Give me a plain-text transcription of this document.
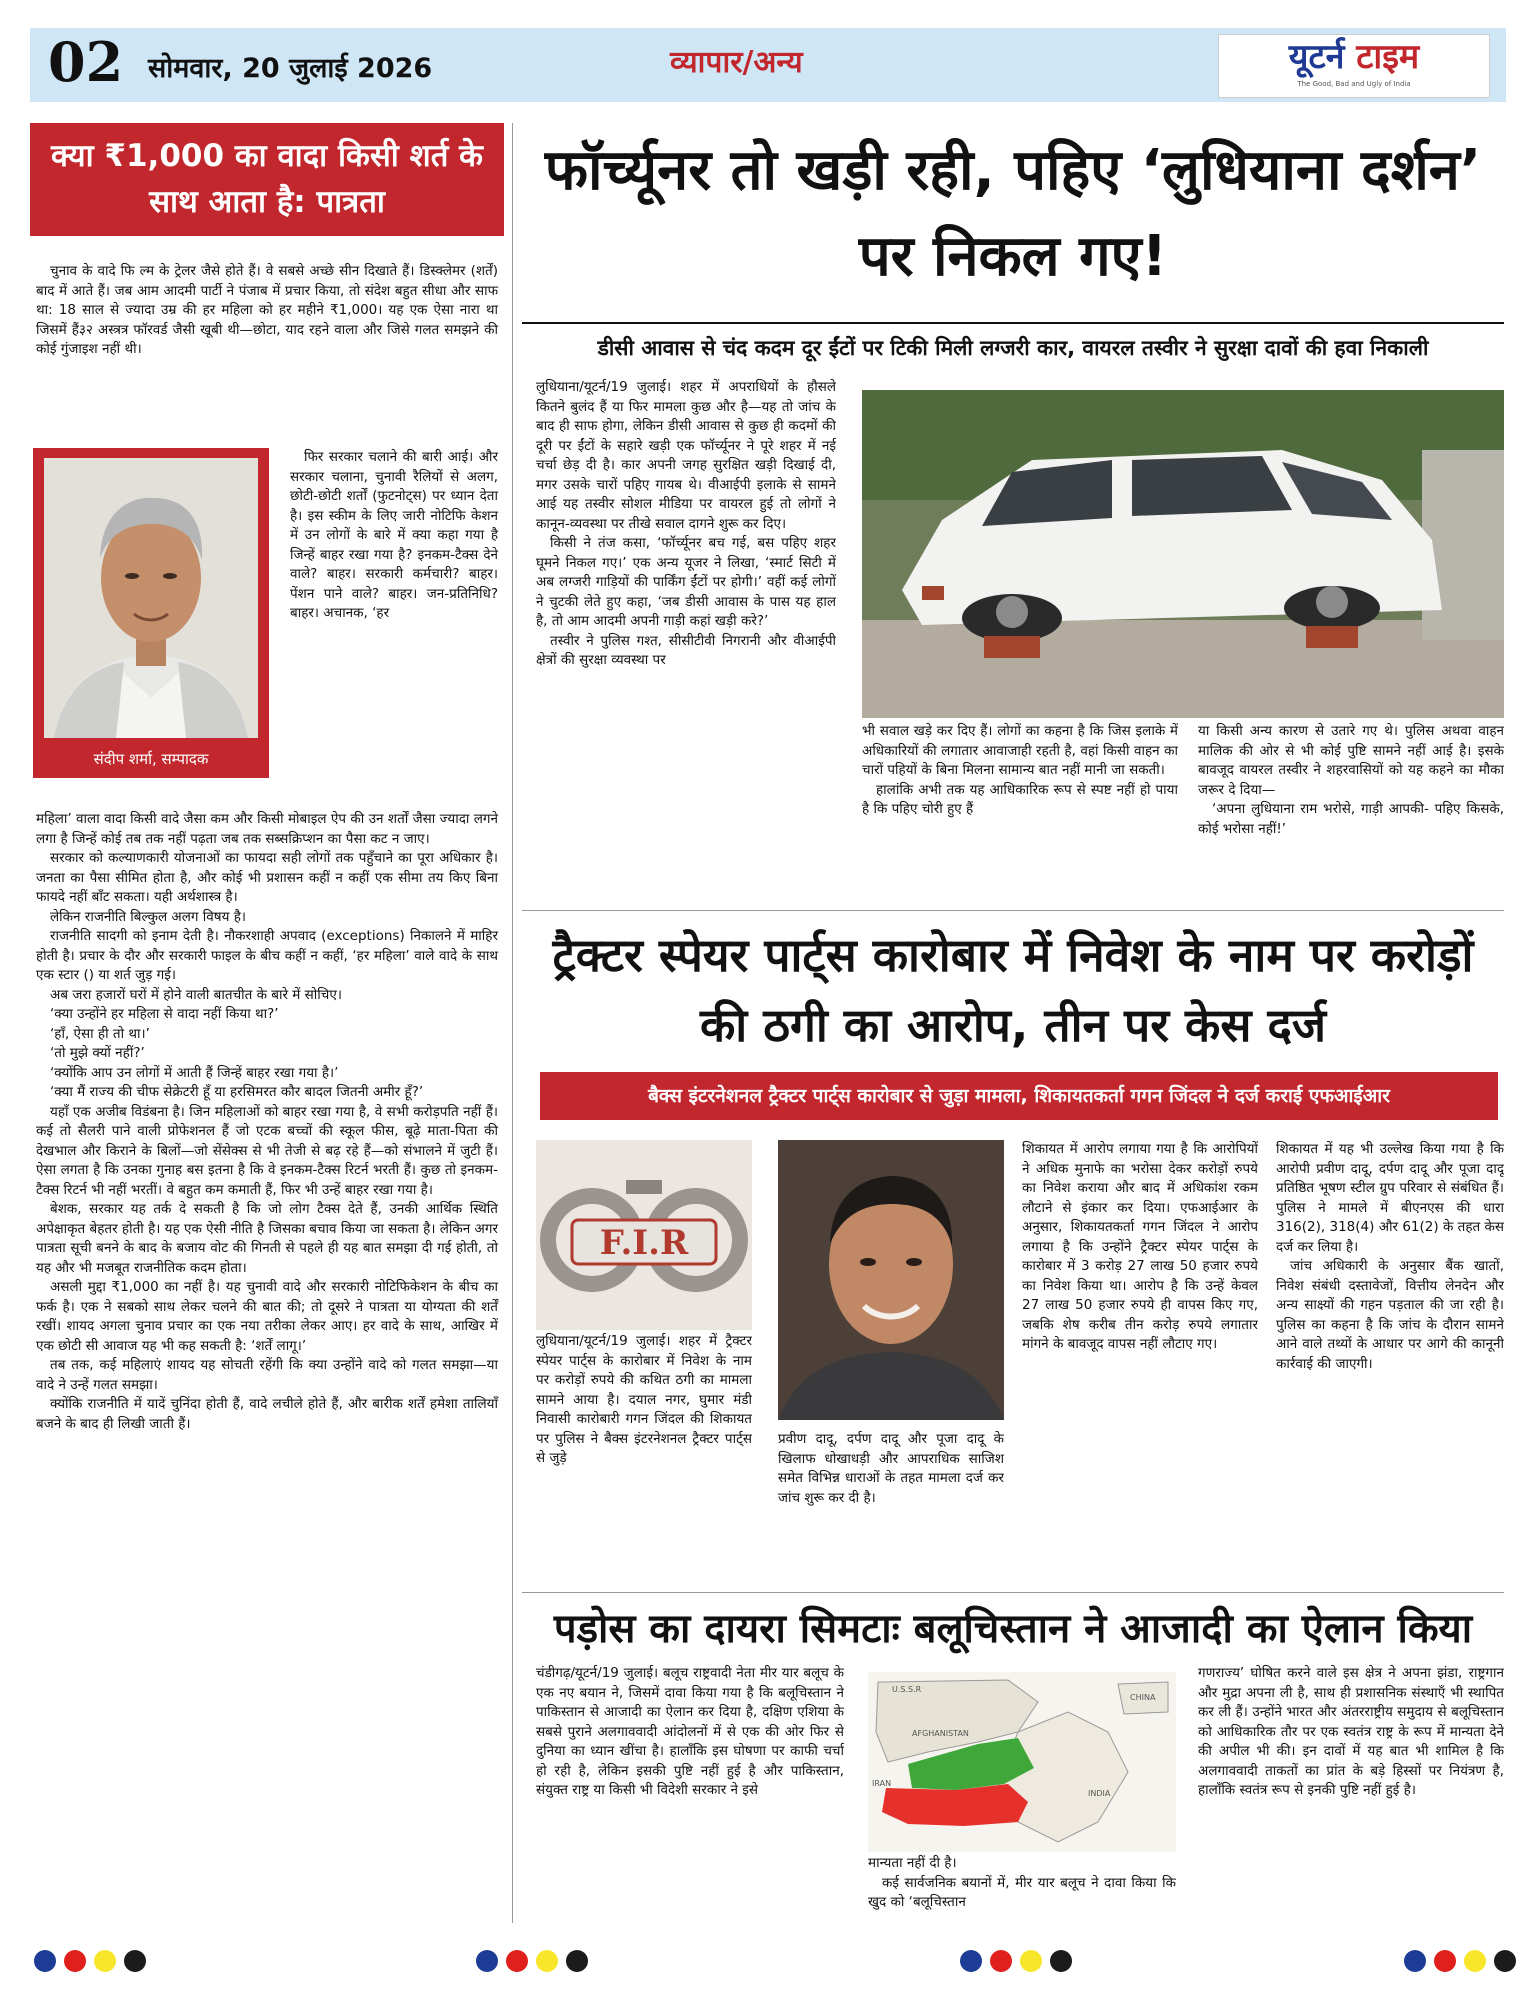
02 सोमवार, 20 जुलाई 2026	व्यापार/अन्य	यूटर्न टाइम
The Good, Bad and Ugly of India
क्या ₹1,000 का वादा किसी शर्त के साथ आता है: पात्रता

चुनाव के वादे फि ल्म के ट्रेलर जैसे होते हैं। वे सबसे अच्छे सीन दिखाते हैं। डिस्क्लेमर (शर्तें) बाद में आते हैं। जब आम आदमी पार्टी ने पंजाब में प्रचार किया, तो संदेश बहुत सीधा और साफ था: 18 साल से ज्यादा उम्र की हर महिला को हर महीने ₹1,000। यह एक ऐसा नारा था जिसमें हैं३२ अस्त्रत्र फॉरवर्ड जैसी खूबी थी—छोटा, याद रहने वाला और जिसे गलत समझने की कोई गुंजाइश नहीं थी।

संदीप शर्मा, सम्पादक

फिर सरकार चलाने की बारी आई। और सरकार चलाना, चुनावी रैलियों से अलग, छोटी-छोटी शर्तों (फुटनोट्स) पर ध्यान देता है। इस स्कीम के लिए जारी नोटिफि केशन में उन लोगों के बारे में क्या कहा गया है जिन्हें बाहर रखा गया है? इनकम-टैक्स देने वाले? बाहर। सरकारी कर्मचारी? बाहर। पेंशन पाने वाले? बाहर। जन-प्रतिनिधि? बाहर। अचानक, ‘हर

महिला’ वाला वादा किसी वादे जैसा कम और किसी मोबाइल ऐप की उन शर्तों जैसा ज्यादा लगने लगा है जिन्हें कोई तब तक नहीं पढ़ता जब तक सब्सक्रिप्शन का पैसा कट न जाए।

सरकार को कल्याणकारी योजनाओं का फायदा सही लोगों तक पहुँचाने का पूरा अधिकार है। जनता का पैसा सीमित होता है, और कोई भी प्रशासन कहीं न कहीं एक सीमा तय किए बिना फायदे नहीं बाँट सकता। यही अर्थशास्त्र है।

लेकिन राजनीति बिल्कुल अलग विषय है।

राजनीति सादगी को इनाम देती है। नौकरशाही अपवाद (exceptions) निकालने में माहिर होती है। प्रचार के दौर और सरकारी फाइल के बीच कहीं न कहीं, ‘हर महिला’ वाले वादे के साथ एक स्टार () या शर्त जुड़ गई।

अब जरा हजारों घरों में होने वाली बातचीत के बारे में सोचिए।

‘क्या उन्होंने हर महिला से वादा नहीं किया था?’

‘हाँ, ऐसा ही तो था।’

‘तो मुझे क्यों नहीं?’

‘क्योंकि आप उन लोगों में आती हैं जिन्हें बाहर रखा गया है।’

‘क्या मैं राज्य की चीफ सेक्रेटरी हूँ या हरसिमरत कौर बादल जितनी अमीर हूँ?’

यहाँ एक अजीब विडंबना है। जिन महिलाओं को बाहर रखा गया है, वे सभी करोड़पति नहीं हैं। कई तो सैलरी पाने वाली प्रोफेशनल हैं जो एटक बच्चों की स्कूल फीस, बूढ़े माता-पिता की देखभाल और किराने के बिलों—जो सेंसेक्स से भी तेजी से बढ़ रहे हैं—को संभालने में जुटी हैं। ऐसा लगता है कि उनका गुनाह बस इतना है कि वे इनकम-टैक्स रिटर्न भरती हैं। कुछ तो इनकम-टैक्स रिटर्न भी नहीं भरतीं। वे बहुत कम कमाती हैं, फिर भी उन्हें बाहर रखा गया है।

बेशक, सरकार यह तर्क दे सकती है कि जो लोग टैक्स देते हैं, उनकी आर्थिक स्थिति अपेक्षाकृत बेहतर होती है। यह एक ऐसी नीति है जिसका बचाव किया जा सकता है। लेकिन अगर पात्रता सूची बनने के बाद के बजाय वोट की गिनती से पहले ही यह बात समझा दी गई होती, तो यह और भी मजबूत राजनीतिक कदम होता।

असली मुद्दा ₹1,000 का नहीं है। यह चुनावी वादे और सरकारी नोटिफिकेशन के बीच का फर्क है। एक ने सबको साथ लेकर चलने की बात की; तो दूसरे ने पात्रता या योग्यता की शर्तें रखीं। शायद अगला चुनाव प्रचार का एक नया तरीका लेकर आए। हर वादे के साथ, आखिर में एक छोटी सी आवाज यह भी कह सकती है: ‘शर्तें लागू।’

तब तक, कई महिलाएं शायद यह सोचती रहेंगी कि क्या उन्होंने वादे को गलत समझा—या वादे ने उन्हें गलत समझा।

क्योंकि राजनीति में यादें चुनिंदा होती हैं, वादे लचीले होते हैं, और बारीक शर्तें हमेशा तालियाँ बजने के बाद ही लिखी जाती हैं।

फॉर्च्यूनर तो खड़ी रही, पहिए ‘लुधियाना दर्शन’ पर निकल गए!
डीसी आवास से चंद कदम दूर ईंटों पर टिकी मिली लग्जरी कार, वायरल तस्वीर ने सुरक्षा दावों की हवा निकाली

लुधियाना/यूटर्न/19 जुलाई। शहर में अपराधियों के हौसले कितने बुलंद हैं या फिर मामला कुछ और है—यह तो जांच के बाद ही साफ होगा, लेकिन डीसी आवास से कुछ ही कदमों की दूरी पर ईंटों के सहारे खड़ी एक फॉर्च्यूनर ने पूरे शहर में नई चर्चा छेड़ दी है। कार अपनी जगह सुरक्षित खड़ी दिखाई दी, मगर उसके चारों पहिए गायब थे। वीआईपी इलाके से सामने आई यह तस्वीर सोशल मीडिया पर वायरल हुई तो लोगों ने कानून-व्यवस्था पर तीखे सवाल दागने शुरू कर दिए।

किसी ने तंज कसा, ‘फॉर्च्यूनर बच गई, बस पहिए शहर घूमने निकल गए।’ एक अन्य यूजर ने लिखा, ‘स्मार्ट सिटी में अब लग्जरी गाड़ियों की पार्किंग ईंटों पर होगी।’ वहीं कई लोगों ने चुटकी लेते हुए कहा, ‘जब डीसी आवास के पास यह हाल है, तो आम आदमी अपनी गाड़ी कहां खड़ी करे?’

तस्वीर ने पुलिस गश्त, सीसीटीवी निगरानी और वीआईपी क्षेत्रों की सुरक्षा व्यवस्था पर

भी सवाल खड़े कर दिए हैं। लोगों का कहना है कि जिस इलाके में अधिकारियों की लगातार आवाजाही रहती है, वहां किसी वाहन का चारों पहियों के बिना मिलना सामान्य बात नहीं मानी जा सकती।

हालांकि अभी तक यह आधिकारिक रूप से स्पष्ट नहीं हो पाया है कि पहिए चोरी हुए हैं

या किसी अन्य कारण से उतारे गए थे। पुलिस अथवा वाहन मालिक की ओर से भी कोई पुष्टि सामने नहीं आई है। इसके बावजूद वायरल तस्वीर ने शहरवासियों को यह कहने का मौका जरूर दे दिया—

‘अपना लुधियाना राम भरोसे, गाड़ी आपकी- पहिए किसके, कोई भरोसा नहीं!’

ट्रैक्टर स्पेयर पार्ट्स कारोबार में निवेश के नाम पर करोड़ों की ठगी का आरोप, तीन पर केस दर्ज
बैक्स इंटरनेशनल ट्रैक्टर पार्ट्स कारोबार से जुड़ा मामला, शिकायतकर्ता गगन जिंदल ने दर्ज कराई एफआईआर
F.I.R
लुधियाना/यूटर्न/19 जुलाई। शहर में ट्रैक्टर स्पेयर पार्ट्स के कारोबार में निवेश के नाम पर करोड़ों रुपये की कथित ठगी का मामला सामने आया है। दयाल नगर, घुमार मंडी निवासी कारोबारी गगन जिंदल की शिकायत पर पुलिस ने बैक्स इंटरनेशनल ट्रैक्टर पार्ट्स से जुड़े
प्रवीण दादू, दर्पण दादू और पूजा दादू के खिलाफ धोखाधड़ी और आपराधिक साजिश समेत विभिन्न धाराओं के तहत मामला दर्ज कर जांच शुरू कर दी है।
शिकायत में आरोप लगाया गया है कि आरोपियों ने अधिक मुनाफे का भरोसा देकर करोड़ों रुपये का निवेश कराया और बाद में अधिकांश रकम लौटाने से इंकार कर दिया। एफआईआर के अनुसार, शिकायतकर्ता गगन जिंदल ने आरोप लगाया है कि उन्होंने ट्रैक्टर स्पेयर पार्ट्स के कारोबार में 3 करोड़ 27 लाख 50 हजार रुपये का निवेश किया था। आरोप है कि उन्हें केवल 27 लाख 50 हजार रुपये ही वापस किए गए, जबकि शेष करीब तीन करोड़ रुपये लगातार मांगने के बावजूद वापस नहीं लौटाए गए।
शिकायत में यह भी उल्लेख किया गया है कि आरोपी प्रवीण दादू, दर्पण दादू और पूजा दादू प्रतिष्ठित भूषण स्टील ग्रुप परिवार से संबंधित हैं। पुलिस ने मामले में बीएनएस की धारा 316(2), 318(4) और 61(2) के तहत केस दर्ज कर लिया है।

जांच अधिकारी के अनुसार बैंक खातों, निवेश संबंधी दस्तावेजों, वित्तीय लेनदेन और अन्य साक्ष्यों की गहन पड़ताल की जा रही है। पुलिस का कहना है कि जांच के दौरान सामने आने वाले तथ्यों के आधार पर आगे की कानूनी कार्रवाई की जाएगी।

पड़ोस का दायरा सिमटाः बलूचिस्तान ने आजादी का ऐलान किया
चंडीगढ़/यूटर्न/19 जुलाई। बलूच राष्ट्रवादी नेता मीर यार बलूच के एक नए बयान ने, जिसमें दावा किया गया है कि बलूचिस्तान ने पाकिस्तान से आजादी का ऐलान कर दिया है, दक्षिण एशिया के सबसे पुराने अलगाववादी आंदोलनों में से एक की ओर फिर से दुनिया का ध्यान खींचा है। हालाँकि इस घोषणा पर काफी चर्चा हो रही है, लेकिन इसकी पुष्टि नहीं हुई है और पाकिस्तान, संयुक्त राष्ट्र या किसी भी विदेशी सरकार ने इसे
U.S.S.R
CHINA
AFGHANISTAN
INDIA
IRAN
मान्यता नहीं दी है।

कई सार्वजनिक बयानों में, मीर यार बलूच ने दावा किया कि खुद को ‘बलूचिस्तान

गणराज्य’ घोषित करने वाले इस क्षेत्र ने अपना झंडा, राष्ट्रगान और मुद्रा अपना ली है, साथ ही प्रशासनिक संस्थाएँ भी स्थापित कर ली हैं। उन्होंने भारत और अंतरराष्ट्रीय समुदाय से बलूचिस्तान को आधिकारिक तौर पर एक स्वतंत्र राष्ट्र के रूप में मान्यता देने की अपील भी की। इन दावों में यह बात भी शामिल है कि अलगाववादी ताकतों का प्रांत के बड़े हिस्सों पर नियंत्रण है, हालाँकि स्वतंत्र रूप से इनकी पुष्टि नहीं हुई है।
